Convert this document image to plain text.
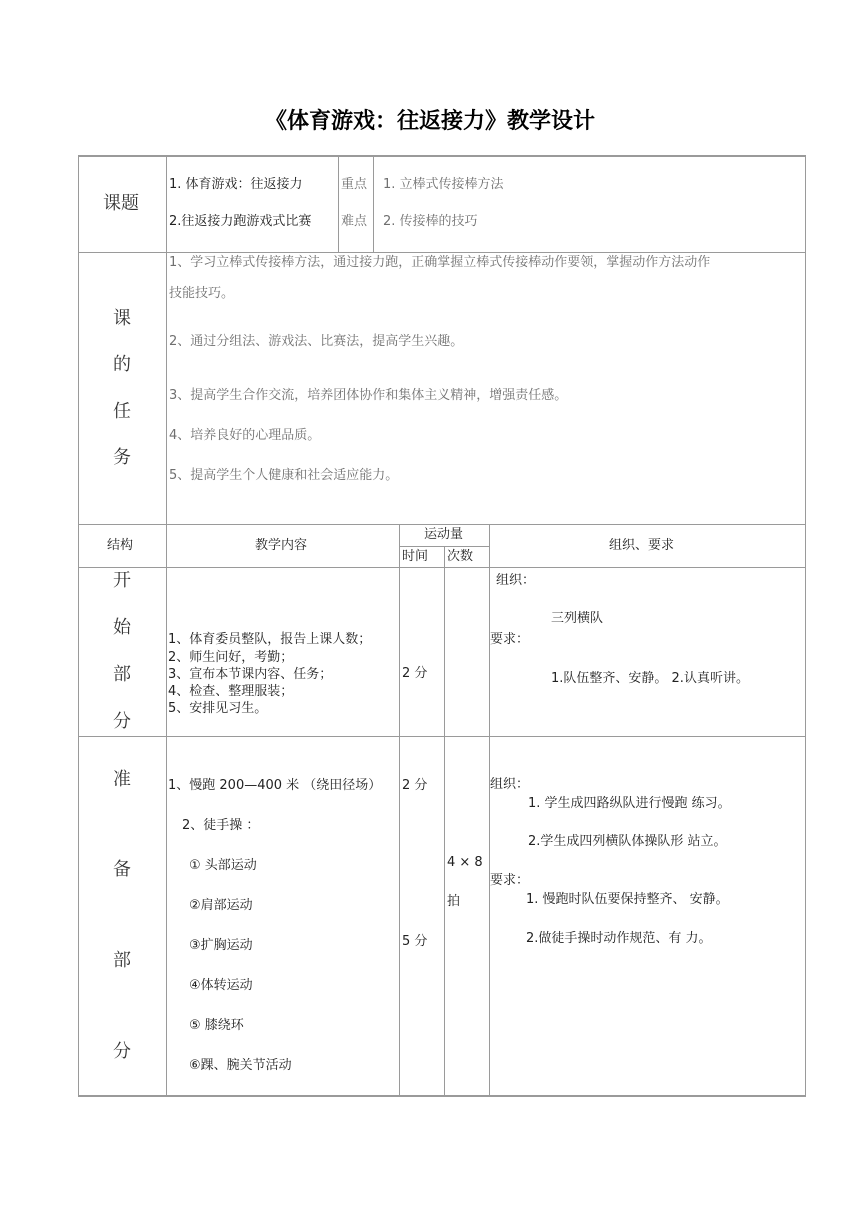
《体育游戏：往返接力》教学设计
课题
1. 体育游戏：往返接力
2.往返接力跑游戏式比赛
重点
难点
1. 立棒式传接棒方法
2. 传接棒的技巧
课
的
任
务
1、学习立棒式传接棒方法，通过接力跑，正确掌握立棒式传接棒动作要领，掌握动作方法动作
技能技巧。
2、通过分组法、游戏法、比赛法，提高学生兴趣。
3、提高学生合作交流，培养团体协作和集体主义精神，增强责任感。
4、培养良好的心理品质。
5、提高学生个人健康和社会适应能力。
结构	教学内容
运动量
时间 次数
组织、要求
开
始
部
分
1、体育委员整队，报告上课人数；
2、师生问好，考勤；
3、宣布本节课内容、任务；
4、检查、整理服装；
5、安排见习生。
2 分
组织：
三列横队
要求：
1.队伍整齐、安静。 2.认真听讲。
准
备
部
分
1、慢跑 200—400 米 （绕田径场）
2、徒手操 ：
① 头部运动
②肩部运动
③扩胸运动
④体转运动
⑤ 膝绕环
⑥踝、腕关节活动
2 分
5 分
4 × 8
拍
组织：
1. 学生成四路纵队进行慢跑 练习。
2.学生成四列横队体操队形 站立。
要求：
1. 慢跑时队伍要保持整齐、 安静。
2.做徒手操时动作规范、有 力。
